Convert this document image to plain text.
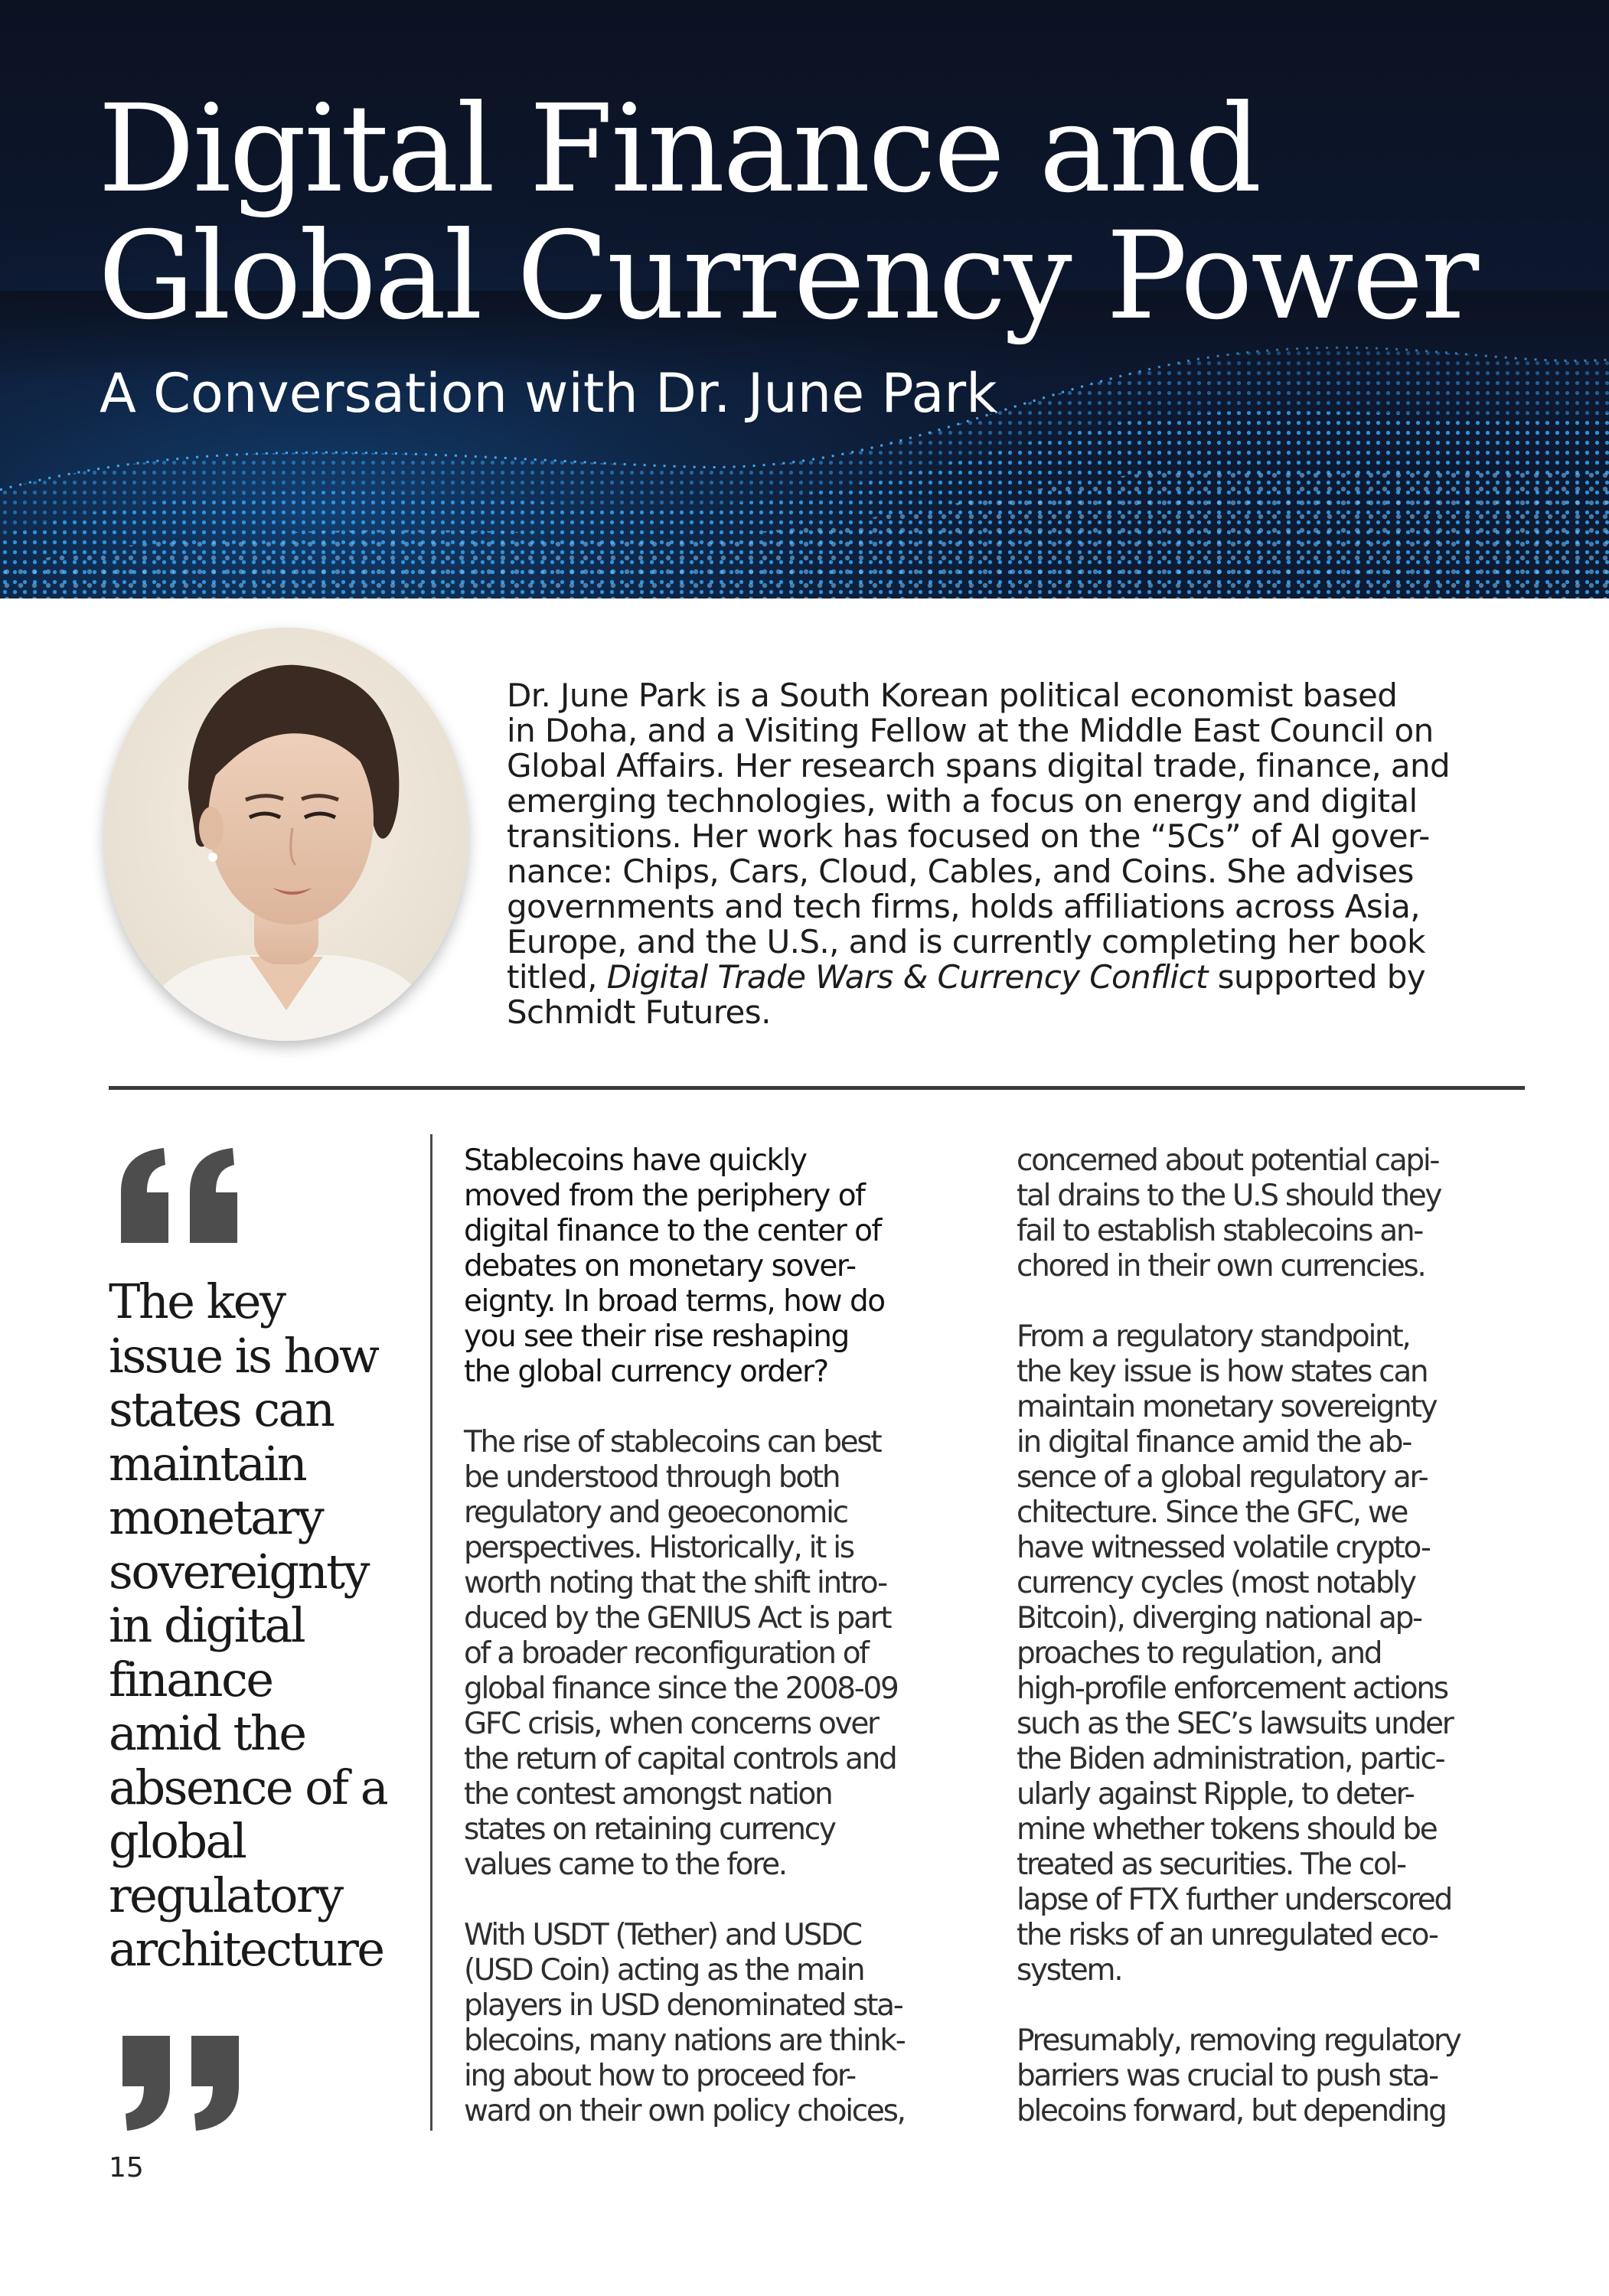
Digital Finance and
Global Currency Power
A Conversation with Dr. June Park

Dr. June Park is a South Korean political economist based
in Doha, and a Visiting Fellow at the Middle East Council on
Global Affairs. Her research spans digital trade, finance, and
emerging technologies, with a focus on energy and digital
transitions. Her work has focused on the “5Cs” of AI gover-
nance: Chips, Cars, Cloud, Cables, and Coins. She advises
governments and tech firms, holds affiliations across Asia,
Europe, and the U.S., and is currently completing her book
titled, Digital Trade Wars & Currency Conflict supported by
Schmidt Futures.

The key
issue is how
states can
maintain
monetary
sovereignty
in digital
finance
amid the
absence of a
global
regulatory
architecture

Stablecoins have quickly
moved from the periphery of
digital finance to the center of
debates on monetary sover-
eignty. In broad terms, how do
you see their rise reshaping
the global currency order?

The rise of stablecoins can best
be understood through both
regulatory and geoeconomic
perspectives. Historically, it is
worth noting that the shift intro-
duced by the GENIUS Act is part
of a broader reconfiguration of
global finance since the 2008-09
GFC crisis, when concerns over
the return of capital controls and
the contest amongst nation
states on retaining currency
values came to the fore.

With USDT (Tether) and USDC
(USD Coin) acting as the main
players in USD denominated sta-
blecoins, many nations are think-
ing about how to proceed for-
ward on their own policy choices,

concerned about potential capi-
tal drains to the U.S should they
fail to establish stablecoins an-
chored in their own currencies.

From a regulatory standpoint,
the key issue is how states can
maintain monetary sovereignty
in digital finance amid the ab-
sence of a global regulatory ar-
chitecture. Since the GFC, we
have witnessed volatile crypto-
currency cycles (most notably
Bitcoin), diverging national ap-
proaches to regulation, and
high-profile enforcement actions
such as the SEC’s lawsuits under
the Biden administration, partic-
ularly against Ripple, to deter-
mine whether tokens should be
treated as securities. The col-
lapse of FTX further underscored
the risks of an unregulated eco-
system.

Presumably, removing regulatory
barriers was crucial to push sta-
blecoins forward, but depending

15
